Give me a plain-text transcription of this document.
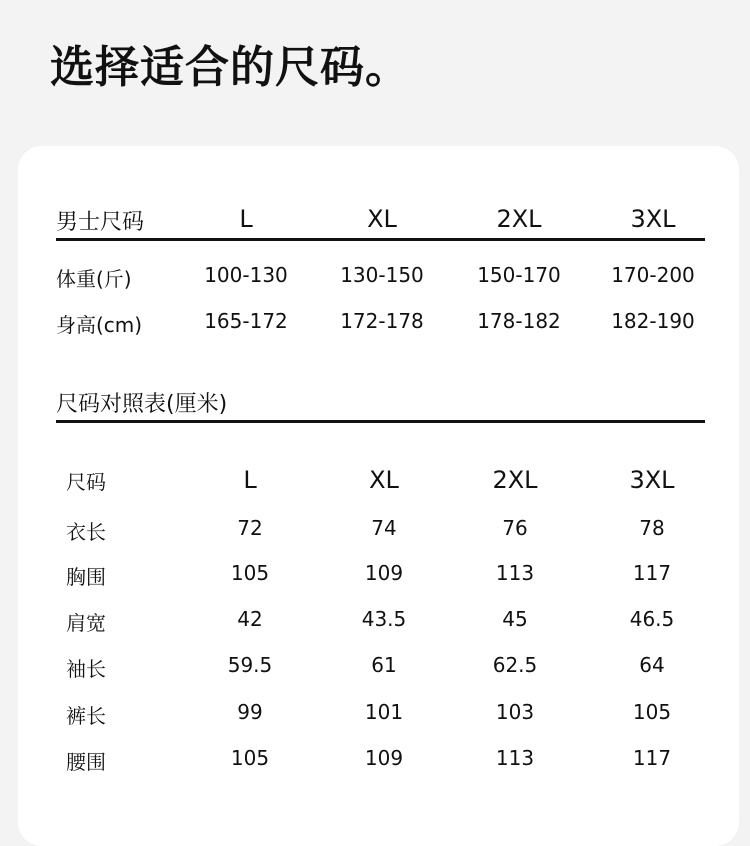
选择适合的尺码。
男士尺码	L	XL	2XL	3XL
体重(斤)	100-130	130-150	150-170	170-200
身高(cm)	165-172	172-178	178-182	182-190
尺码对照表(厘米)
尺码	L	XL	2XL	3XL
衣长	72	74	76	78
胸围	105	109	113	117
肩宽	42	43.5	45	46.5
袖长	59.5	61	62.5	64
裤长	99	101	103	105
腰围	105	109	113	117
